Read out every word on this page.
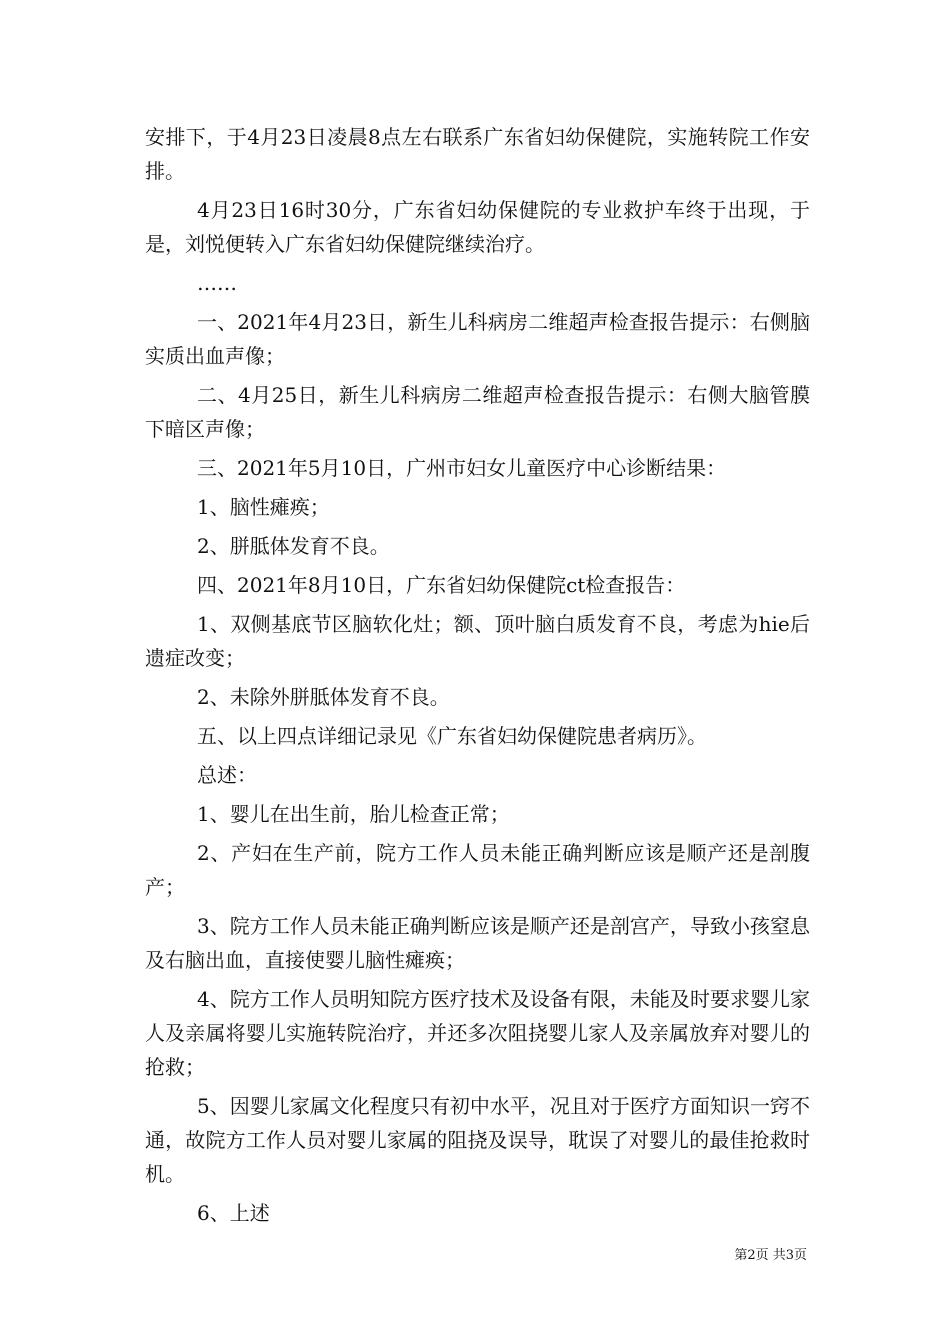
安排下，于4月23日凌晨8点左右联系广东省妇幼保健院，实施转院工作安排。

4月23日16时30分，广东省妇幼保健院的专业救护车终于出现，于是，刘悦便转入广东省妇幼保健院继续治疗。

……

一、2021年4月23日，新生儿科病房二维超声检查报告提示：右侧脑实质出血声像；

二、4月25日，新生儿科病房二维超声检查报告提示：右侧大脑管膜下暗区声像；

三、2021年5月10日，广州市妇女儿童医疗中心诊断结果：

1、脑性瘫痪；

2、胼胝体发育不良。

四、2021年8月10日，广东省妇幼保健院ct检查报告：

1、双侧基底节区脑软化灶；额、顶叶脑白质发育不良，考虑为hie后遗症改变；

2、未除外胼胝体发育不良。

五、以上四点详细记录见《广东省妇幼保健院患者病历》。

总述：

1、婴儿在出生前，胎儿检查正常；

2、产妇在生产前，院方工作人员未能正确判断应该是顺产还是剖腹产；

3、院方工作人员未能正确判断应该是顺产还是剖宫产，导致小孩窒息及右脑出血，直接使婴儿脑性瘫痪；

4、院方工作人员明知院方医疗技术及设备有限，未能及时要求婴儿家人及亲属将婴儿实施转院治疗，并还多次阻挠婴儿家人及亲属放弃对婴儿的抢救；

5、因婴儿家属文化程度只有初中水平，况且对于医疗方面知识一窍不通，故院方工作人员对婴儿家属的阻挠及误导，耽误了对婴儿的最佳抢救时机。

6、上述

第2页 共3页
